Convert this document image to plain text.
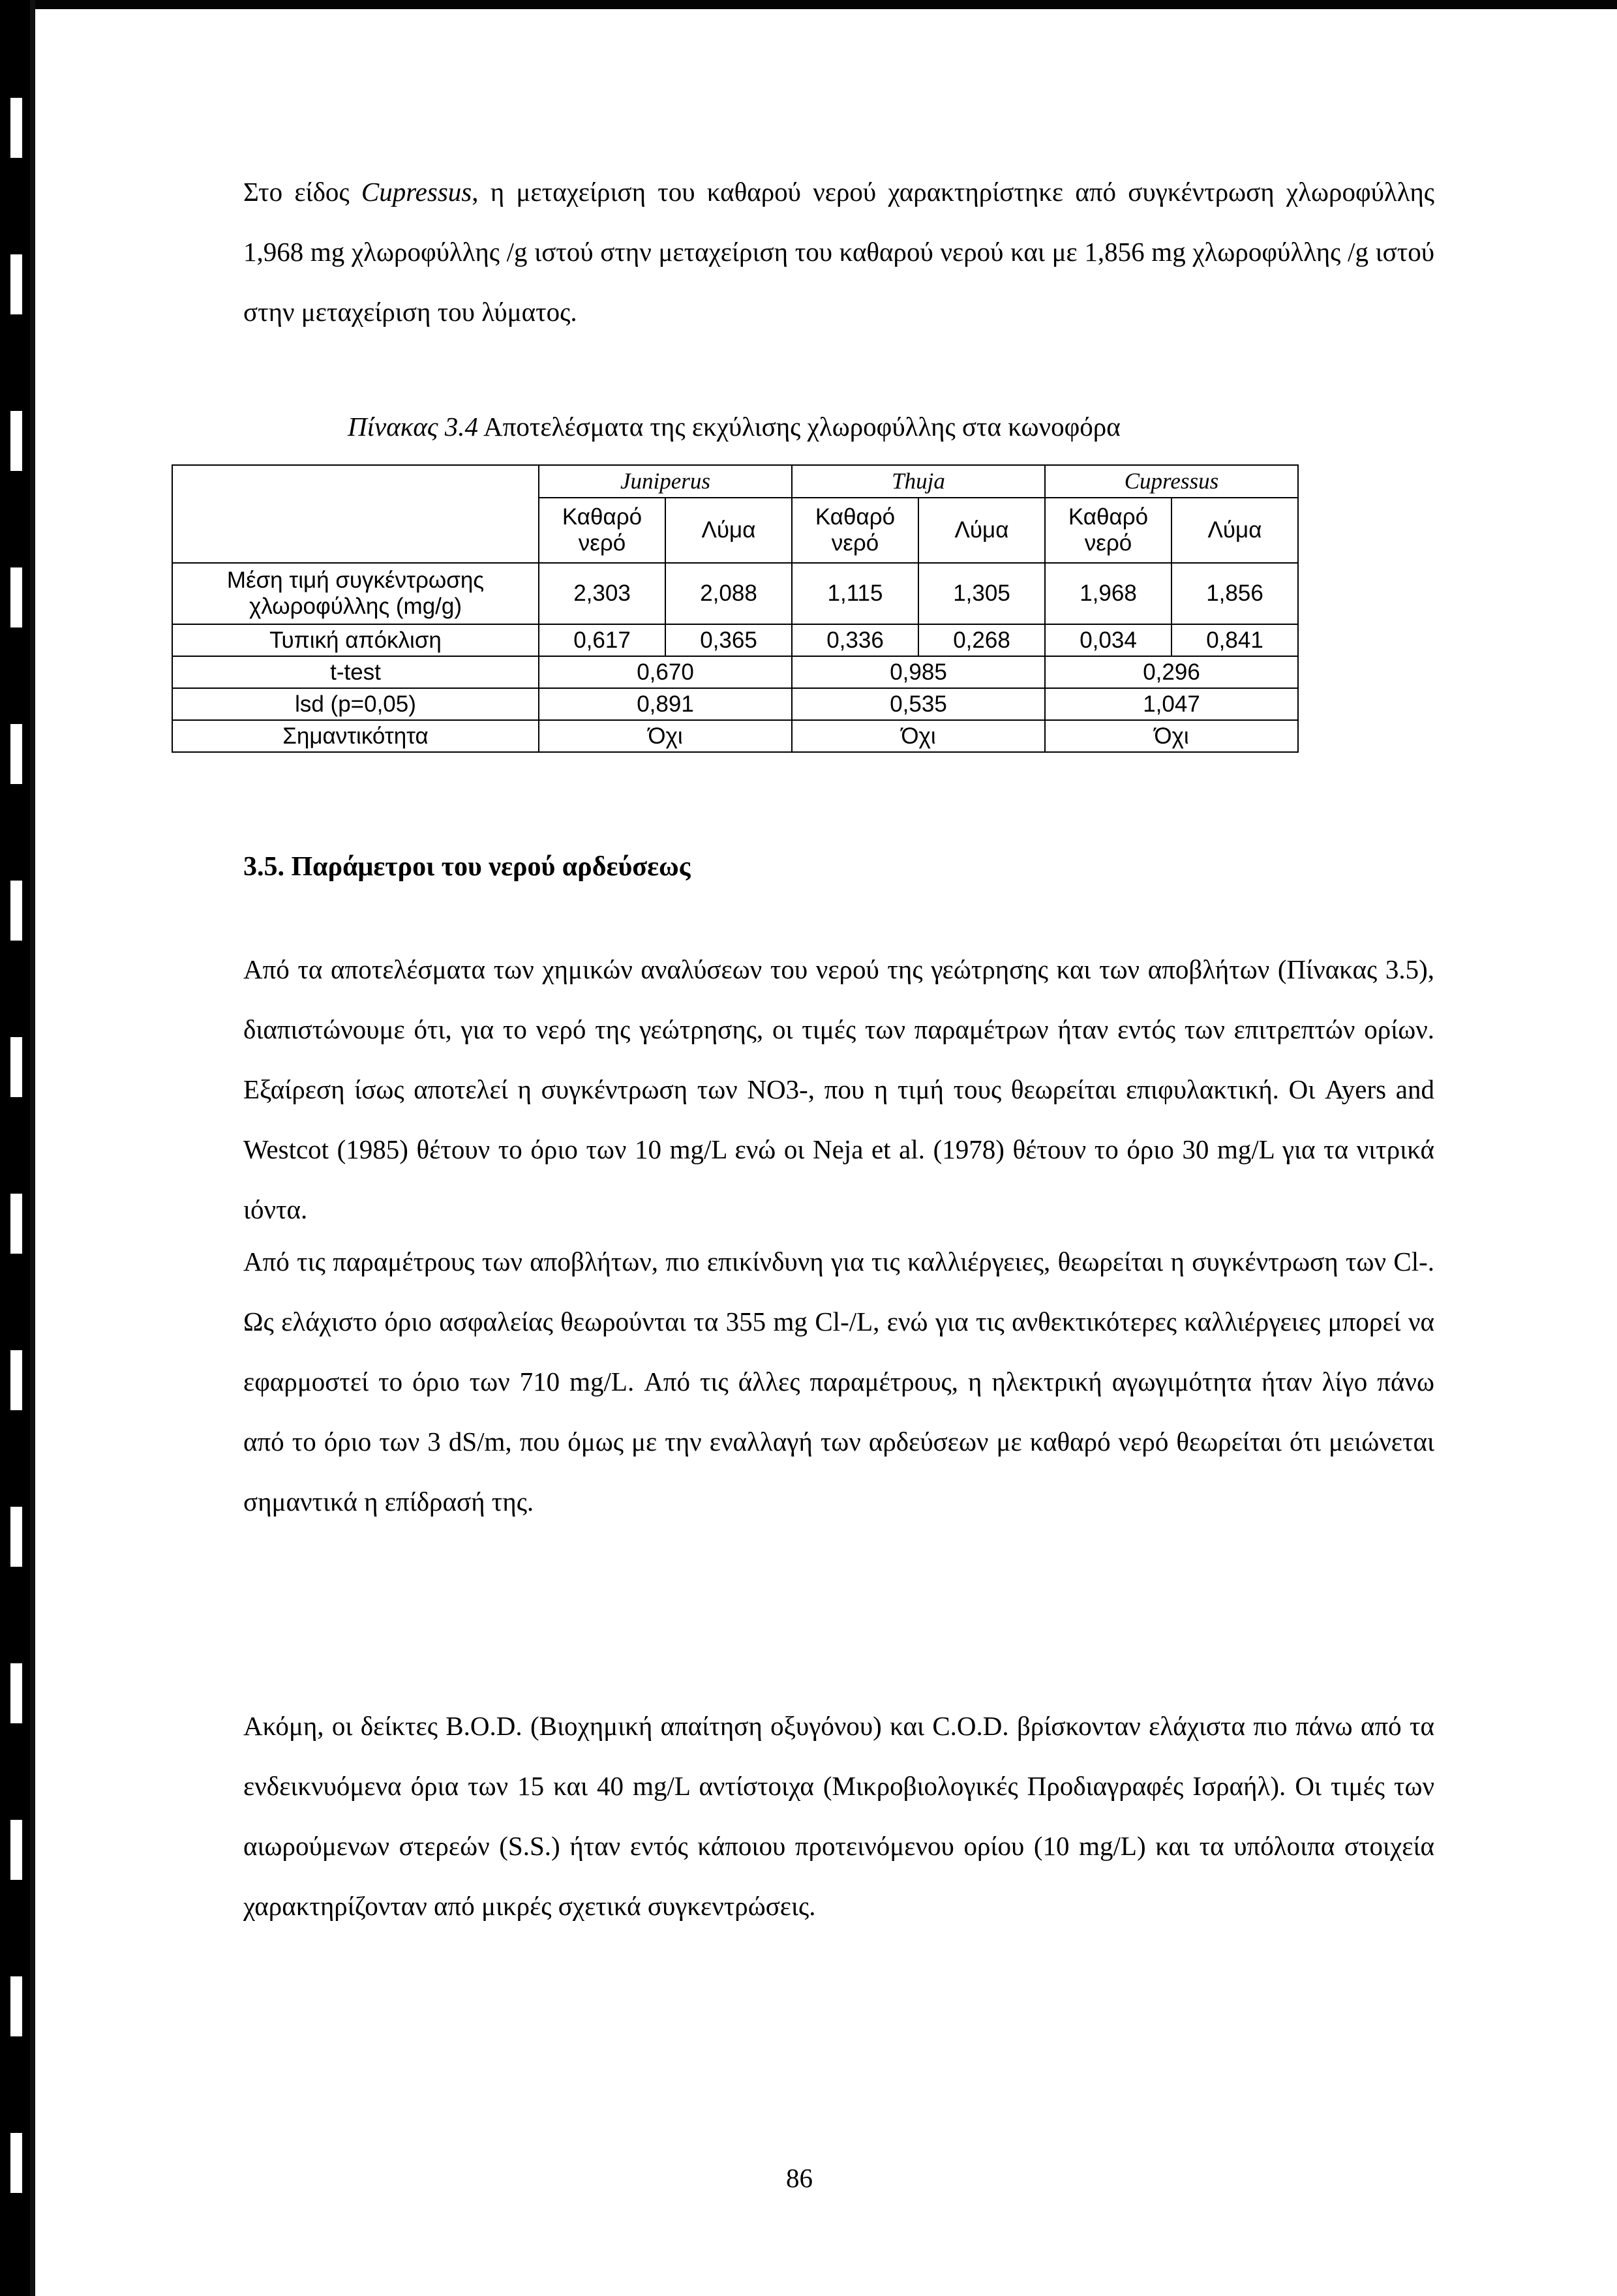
Στο είδος Cupressus, η μεταχείριση του καθαρού νερού χαρακτηρίστηκε από συγκέντρωση χλωροφύλλης 1,968 mg χλωροφύλλης /g ιστού στην μεταχείριση του καθαρού νερού και με 1,856 mg χλωροφύλλης /g ιστού στην μεταχείριση του λύματος.

Πίνακας 3.4 Αποτελέσματα της εκχύλισης χλωροφύλλης στα κωνοφόρα
	Juniperus		Thuja		Cupressus	
	Καθαρό νερό	Λύμα	Καθαρό νερό	Λύμα	Καθαρό νερό	Λύμα
Μέση τιμή συγκέντρωσης χλωροφύλλης (mg/g)	2,303	2,088	1,115	1,305	1,968	1,856
Τυπική απόκλιση	0,617	0,365	0,336	0,268	0,034	0,841
t-test	0,670		0,985		0,296	
lsd (p=0,05)	0,891		0,535		1,047	
Σημαντικότητα	Όχι		Όχι		Όχι	
3.5. Παράμετροι του νερού αρδεύσεως

Από τα αποτελέσματα των χημικών αναλύσεων του νερού της γεώτρησης και των αποβλήτων (Πίνακας 3.5), διαπιστώνουμε ότι, για το νερό της γεώτρησης, οι τιμές των παραμέτρων ήταν εντός των επιτρεπτών ορίων. Εξαίρεση ίσως αποτελεί η συγκέντρωση των NO3-, που η τιμή τους θεωρείται επιφυλακτική. Οι Ayers and Westcot (1985) θέτουν το όριο των 10 mg/L ενώ οι Neja et al. (1978) θέτουν το όριο 30 mg/L για τα νιτρικά ιόντα.

Από τις παραμέτρους των αποβλήτων, πιο επικίνδυνη για τις καλλιέργειες, θεωρείται η συγκέντρωση των Cl-. Ως ελάχιστο όριο ασφαλείας θεωρούνται τα 355 mg Cl-/L, ενώ για τις ανθεκτικότερες καλλιέργειες μπορεί να εφαρμοστεί το όριο των 710 mg/L. Από τις άλλες παραμέτρους, η ηλεκτρική αγωγιμότητα ήταν λίγο πάνω από το όριο των 3 dS/m, που όμως με την εναλλαγή των αρδεύσεων με καθαρό νερό θεωρείται ότι μειώνεται σημαντικά η επίδρασή της.

Ακόμη, οι δείκτες B.O.D. (Βιοχημική απαίτηση οξυγόνου) και C.O.D. βρίσκονταν ελάχιστα πιο πάνω από τα ενδεικνυόμενα όρια των 15 και 40 mg/L αντίστοιχα (Μικροβιολογικές Προδιαγραφές Ισραήλ). Οι τιμές των αιωρούμενων στερεών (S.S.) ήταν εντός κάποιου προτεινόμενου ορίου (10 mg/L) και τα υπόλοιπα στοιχεία χαρακτηρίζονταν από μικρές σχετικά συγκεντρώσεις.

86
